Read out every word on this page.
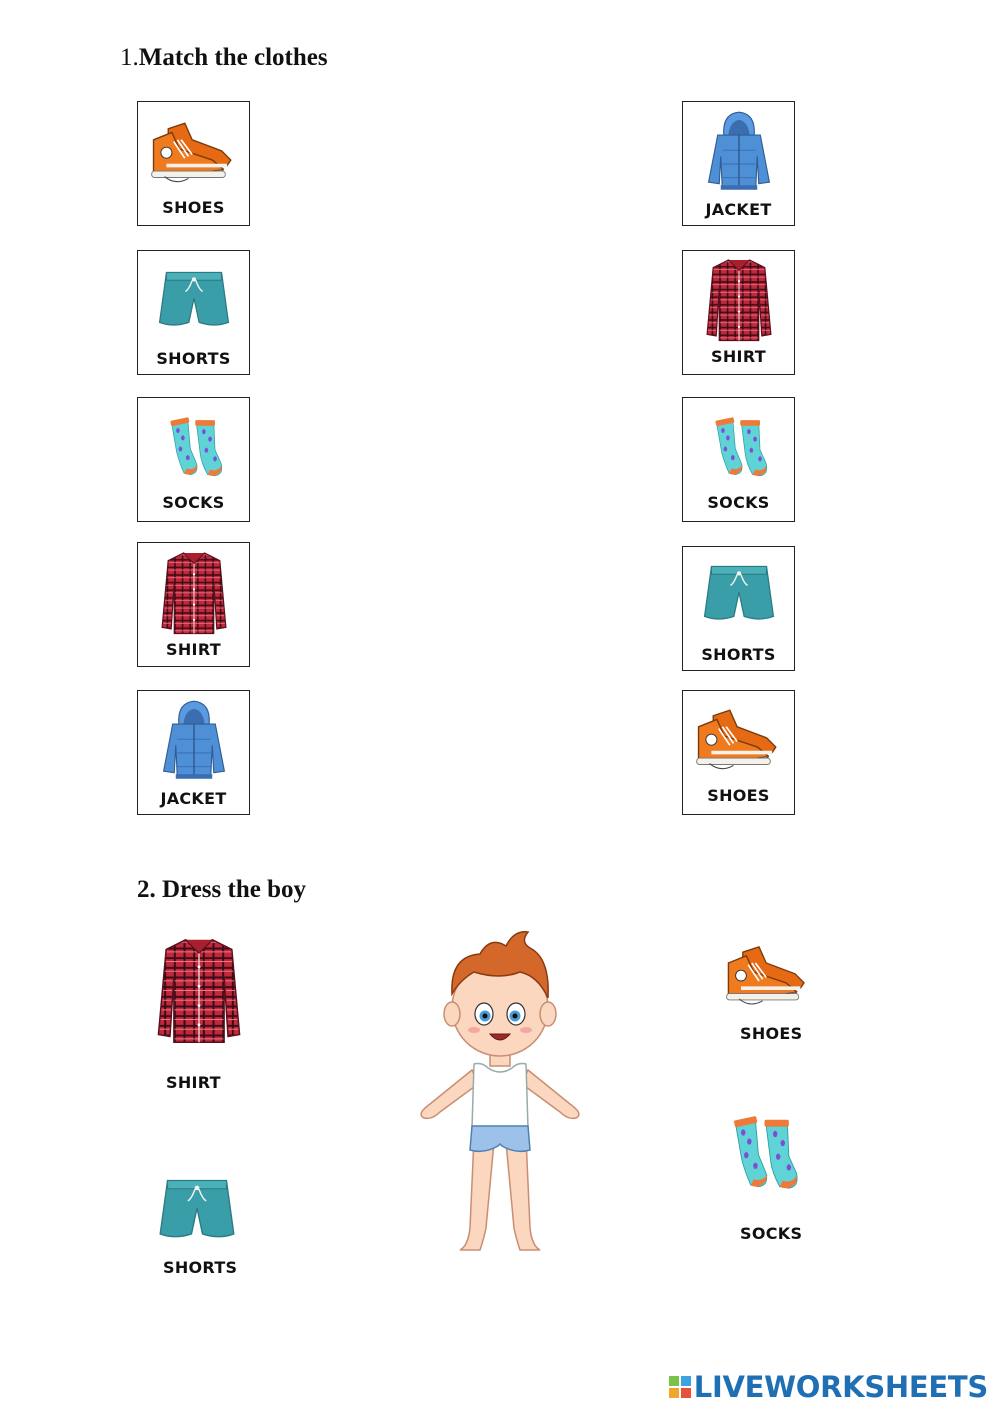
1.Match the clothes
SHOES
SHORTS
SOCKS
SHIRT
JACKET
JACKET
SHIRT
SOCKS
SHORTS
SHOES
2. Dress the boy
SHIRT
SHORTS
SHOES
SOCKS
LIVEWORKSHEETS
